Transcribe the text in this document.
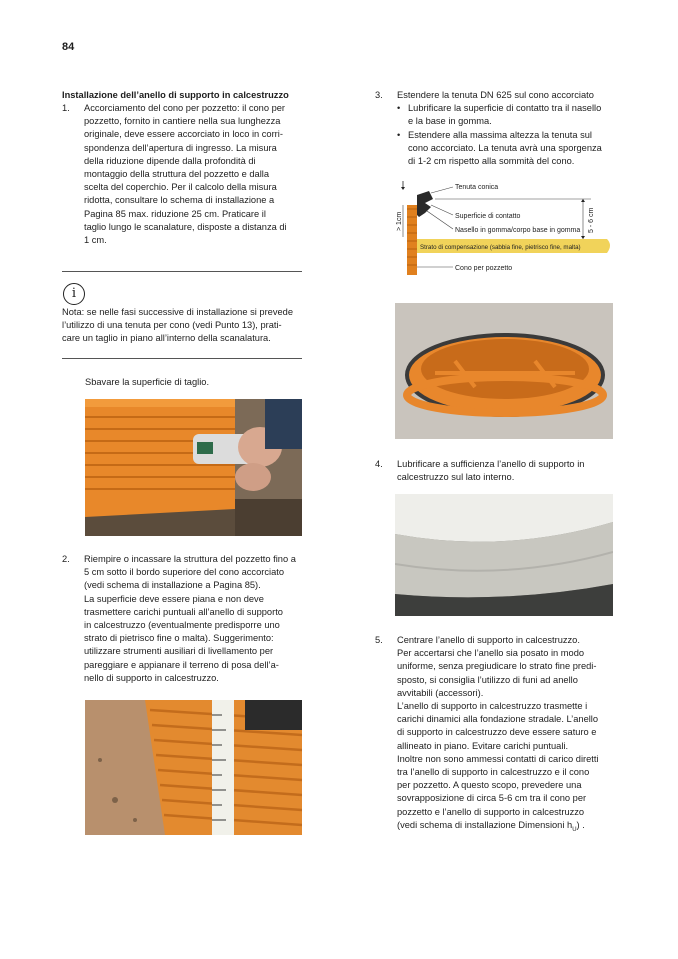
84
Installazione dell’anello di supporto in calcestruzzo
1. Accorciamento del cono per pozzetto: il cono per
pozzetto, fornito in cantiere nella sua lunghezza
originale, deve essere accorciato in loco in corri-
spondenza dell’apertura di ingresso. La misura
della riduzione dipende dalla profondità di
montaggio della struttura del pozzetto e dalla
scelta del coperchio. Per il calcolo della misura
ridotta, consultare lo schema di installazione a
Pagina 85 max. riduzione 25 cm. Praticare il
taglio lungo le scanalature, disposte a distanza di
1 cm.
i
Nota: se nelle fasi successive di installazione si prevede
l’utilizzo di una tenuta per cono (vedi Punto 13), prati-
care un taglio in piano all’interno della scanalatura.
Sbavare la superficie di taglio.
2. Riempire o incassare la struttura del pozzetto fino a
5 cm sotto il bordo superiore del cono accorciato
(vedi schema di installazione a Pagina 85).
La superficie deve essere piana e non deve
trasmettere carichi puntuali all’anello di supporto
in calcestruzzo (eventualmente predisporre uno
strato di pietrisco fine o malta). Suggerimento:
utilizzare strumenti ausiliari di livellamento per
pareggiare e appianare il terreno di posa dell’a-
nello di supporto in calcestruzzo.
3. Estendere la tenuta DN 625 sul cono accorciato
• Lubrificare la superficie di contatto tra il nasello
e la base in gomma.
• Estendere alla massima altezza la tenuta sul
cono accorciato. La tenuta avrà una sporgenza
di 1-2 cm rispetto alla sommità del cono.
Tenuta conica
Superficie di contatto
Nasello in gomma/corpo base in gomma
Strato di compensazione (sabbia fine, pietrisco fine, malta)
Cono per pozzetto
> 1cm	5 - 6 cm
4. Lubrificare a sufficienza l’anello di supporto in
calcestruzzo sul lato interno.
5. Centrare l’anello di supporto in calcestruzzo.
Per accertarsi che l’anello sia posato in modo
uniforme, senza pregiudicare lo strato fine predi-
sposto, si consiglia l’utilizzo di funi ad anello
avvitabili (accessori).
L’anello di supporto in calcestruzzo trasmette i
carichi dinamici alla fondazione stradale. L’anello
di supporto in calcestruzzo deve essere saturo e
allineato in piano. Evitare carichi puntuali.
Inoltre non sono ammessi contatti di carico diretti
tra l’anello di supporto in calcestruzzo e il cono
per pozzetto. A questo scopo, prevedere una
sovrapposizione di circa 5-6 cm tra il cono per
pozzetto e l’anello di supporto in calcestruzzo
(vedi schema di installazione Dimensioni $h_U$) .
